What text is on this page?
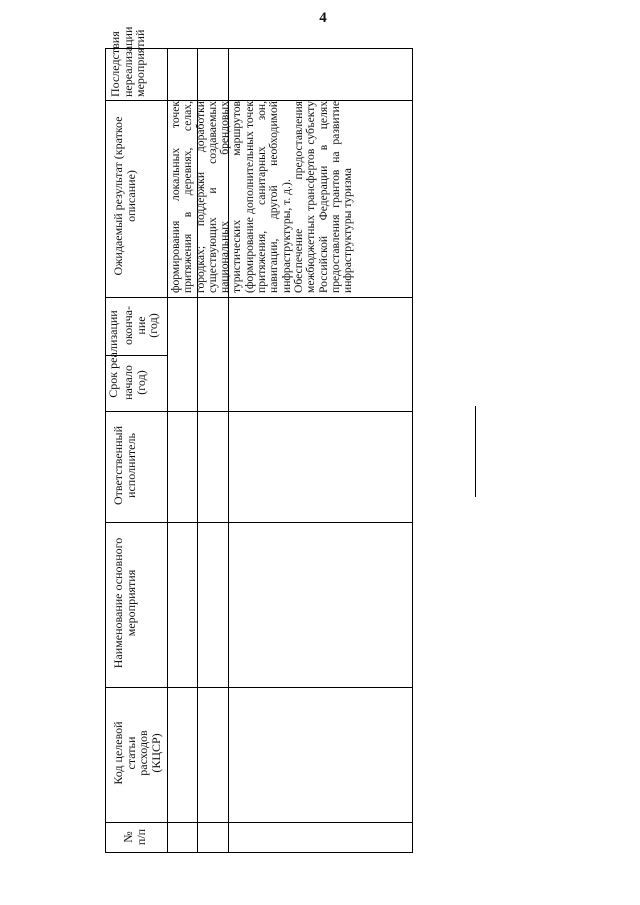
4
Последствия
нереализации
мероприятий
Ожидаемый результат (краткое
описание)
Срок реализации оконча-
ние
(год)
начало
(год)
Ответственный
исполнитель
Наименование основного
мероприятия
Код целевой
статьи
расходов
(КЦСР)
№
п/п
формирования локальных точек притяжения в деревнях, селах, городках; поддержки доработки существующих и создаваемых национальных брендовых туристических маршрутов (формирование дополнительных точек притяжения, санитарных зон, навигации, другой необходимой инфраструктуры, т. д.).
Обеспечение предоставления межбюджетных трансфертов субъекту Российской Федерации в целях предоставления грантов на развитие инфраструктуры туризма
